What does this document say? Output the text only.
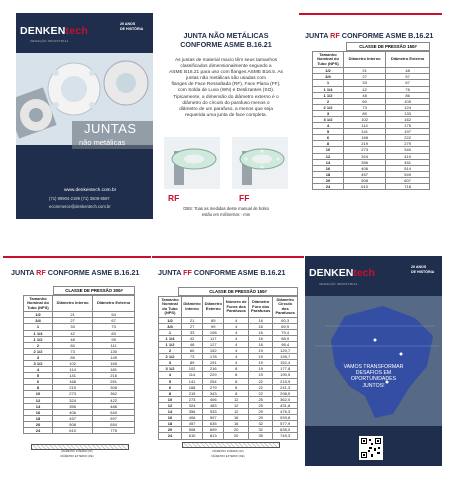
DENKENtech
VEDAÇÃO INDUSTRIAL
20 ANOS
DE HISTÓRIA
JUNTAS
não metálicas
www.denkentech.com.br
(71) 99904-2199 (71) 3508-6597
ecommerce@denkentech.com.br
JUNTA NÃO METÁLICAS
CONFORME ASME B.16.21
As juntas de material macio têm seus tamanhos
classificados dimensionalmente segundo a
ASME B16.21 para uso com flanges ASME B16.5. As
juntas não metálicas são usadas com
flanges de Face Ressaltada (RF), Face Plana (FF),
com Solda de Luva (WN) e Deslizantes (SO).
Tipicamente, a dimensão do diâmetro externo é o
diâmetro do círculo do parafuso menos o
diâmetro de um parafuso, a menos que seja
requerida uma junta de face completa.
RF	FF
OBS: Toas as medidas deste manual de bolso
estão em milímetros - mm
JUNTA RF CONFORME ASME B.16.21
CLASSE DE PRESSÃO 150#
Tamanho Nominal do Tubo (NPS)	Diâmetro Interno	Diâmetro Externo
1/2	21	48
3/4	27	57
1	33	67
1 1/4	42	76
1 1/2	48	86
2	60	105
2 1/2	73	124
3	89	133
3 1/2	102	162
4	114	175
5	141	197
6	168	222
8	219	279
10	273	340
12	324	410
14	356	451
16	406	514
18	457	549
20	508	607
24	610	718
JUNTA RF CONFORME ASME B.16.21
CLASSE DE PRESSÃO 300#
Tamanho Nominal do Tubo (NPS)	Diâmetro Interno	Diâmetro Externo
1/2	21	54
3/4	27	67
1	33	73
1 1/4	42	83
1 1/2	48	95
2	60	111
2 1/2	73	130
3	89	149
3 1/2	102	165
4	114	181
5	141	216
6	168	251
8	219	308
10	273	362
12	324	422
14	356	486
16	406	540
18	457	597
20	508	654
24	610	775
DIÂMETRO INTERNO (DI)
DIÂMETRO EXTERNO (DE)
JUNTA FF CONFORME ASME B.16.21
CLASSE DE PRESSÃO 150#
Tamanho Nominal do Tubo (NPS)	Diâmetro Interno	Diâmetro Externo	Número de Furos dos Parafusos	Diâmetro Furo dos Parafusos	Diâmetro Círculo dos Parafusos
1/2	21	89	4	16	60,3
3/4	27	99	4	16	69,9
1	33	108	4	16	79,4
1 1/4	42	117	4	16	88,9
1 1/2	48	127	4	16	98,4
2	60	152	4	19	120,7
2 1/2	73	178	4	19	139,7
3	89	191	4	19	152,4
3 1/2	102	216	8	19	177,8
4	114	229	8	19	190,5
5	141	254	8	22	215,9
6	168	279	8	22	241,3
8	219	343	8	22	298,5
10	273	406	12	25	362,0
12	324	483	12	25	431,8
14	356	533	12	29	476,3
16	406	597	16	29	539,8
18	457	635	16	32	577,9
20	508	699	20	32	635,0
24	610	813	20	35	749,3
DIÂMETRO INTERNO (DI)
DIÂMETRO EXTERNO (DE)
DENKENtech
VEDAÇÃO INDUSTRIAL
20 ANOS
DE HISTÓRIA
VAMOS TRANSFORMAR
DESAFIOS EM
OPORTUNIDADES
JUNTOS!
